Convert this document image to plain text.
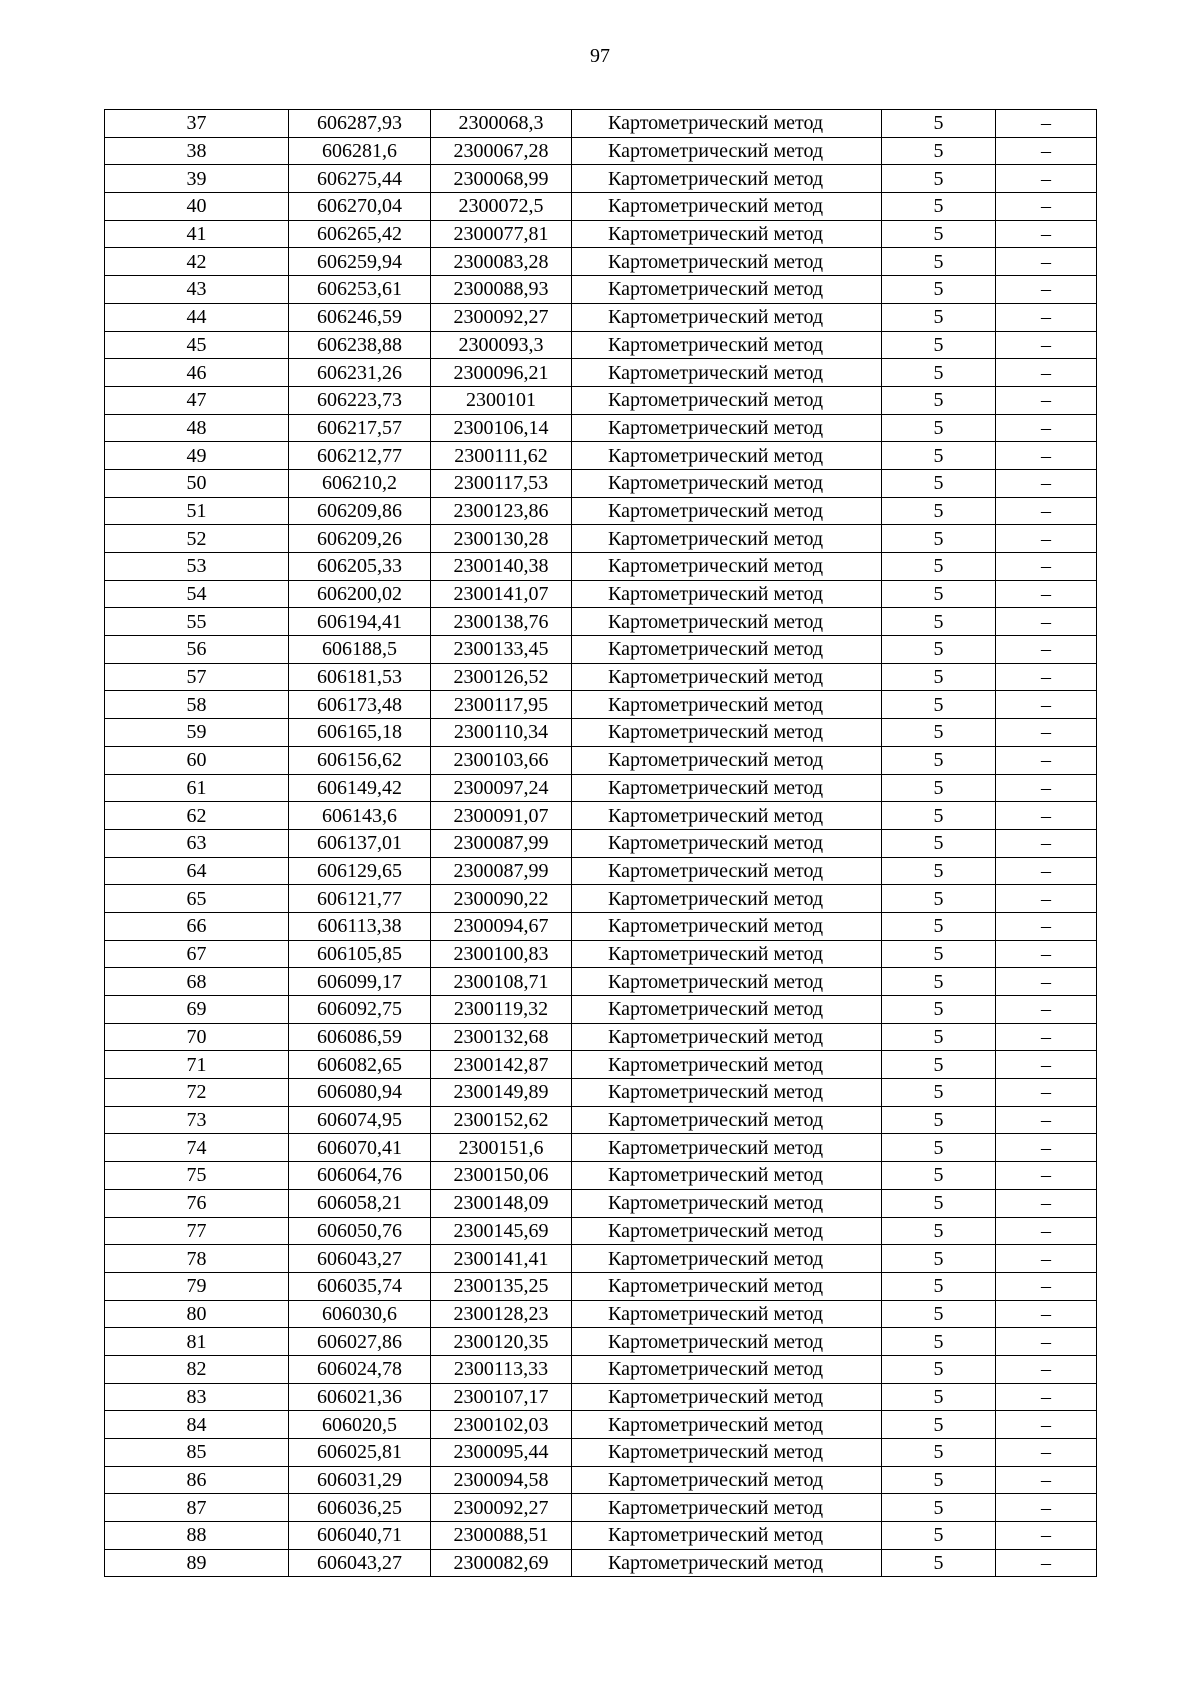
97
37	606287,93	2300068,3	Картометрический метод	5	–
38	606281,6	2300067,28	Картометрический метод	5	–
39	606275,44	2300068,99	Картометрический метод	5	–
40	606270,04	2300072,5	Картометрический метод	5	–
41	606265,42	2300077,81	Картометрический метод	5	–
42	606259,94	2300083,28	Картометрический метод	5	–
43	606253,61	2300088,93	Картометрический метод	5	–
44	606246,59	2300092,27	Картометрический метод	5	–
45	606238,88	2300093,3	Картометрический метод	5	–
46	606231,26	2300096,21	Картометрический метод	5	–
47	606223,73	2300101	Картометрический метод	5	–
48	606217,57	2300106,14	Картометрический метод	5	–
49	606212,77	2300111,62	Картометрический метод	5	–
50	606210,2	2300117,53	Картометрический метод	5	–
51	606209,86	2300123,86	Картометрический метод	5	–
52	606209,26	2300130,28	Картометрический метод	5	–
53	606205,33	2300140,38	Картометрический метод	5	–
54	606200,02	2300141,07	Картометрический метод	5	–
55	606194,41	2300138,76	Картометрический метод	5	–
56	606188,5	2300133,45	Картометрический метод	5	–
57	606181,53	2300126,52	Картометрический метод	5	–
58	606173,48	2300117,95	Картометрический метод	5	–
59	606165,18	2300110,34	Картометрический метод	5	–
60	606156,62	2300103,66	Картометрический метод	5	–
61	606149,42	2300097,24	Картометрический метод	5	–
62	606143,6	2300091,07	Картометрический метод	5	–
63	606137,01	2300087,99	Картометрический метод	5	–
64	606129,65	2300087,99	Картометрический метод	5	–
65	606121,77	2300090,22	Картометрический метод	5	–
66	606113,38	2300094,67	Картометрический метод	5	–
67	606105,85	2300100,83	Картометрический метод	5	–
68	606099,17	2300108,71	Картометрический метод	5	–
69	606092,75	2300119,32	Картометрический метод	5	–
70	606086,59	2300132,68	Картометрический метод	5	–
71	606082,65	2300142,87	Картометрический метод	5	–
72	606080,94	2300149,89	Картометрический метод	5	–
73	606074,95	2300152,62	Картометрический метод	5	–
74	606070,41	2300151,6	Картометрический метод	5	–
75	606064,76	2300150,06	Картометрический метод	5	–
76	606058,21	2300148,09	Картометрический метод	5	–
77	606050,76	2300145,69	Картометрический метод	5	–
78	606043,27	2300141,41	Картометрический метод	5	–
79	606035,74	2300135,25	Картометрический метод	5	–
80	606030,6	2300128,23	Картометрический метод	5	–
81	606027,86	2300120,35	Картометрический метод	5	–
82	606024,78	2300113,33	Картометрический метод	5	–
83	606021,36	2300107,17	Картометрический метод	5	–
84	606020,5	2300102,03	Картометрический метод	5	–
85	606025,81	2300095,44	Картометрический метод	5	–
86	606031,29	2300094,58	Картометрический метод	5	–
87	606036,25	2300092,27	Картометрический метод	5	–
88	606040,71	2300088,51	Картометрический метод	5	–
89	606043,27	2300082,69	Картометрический метод	5	–
